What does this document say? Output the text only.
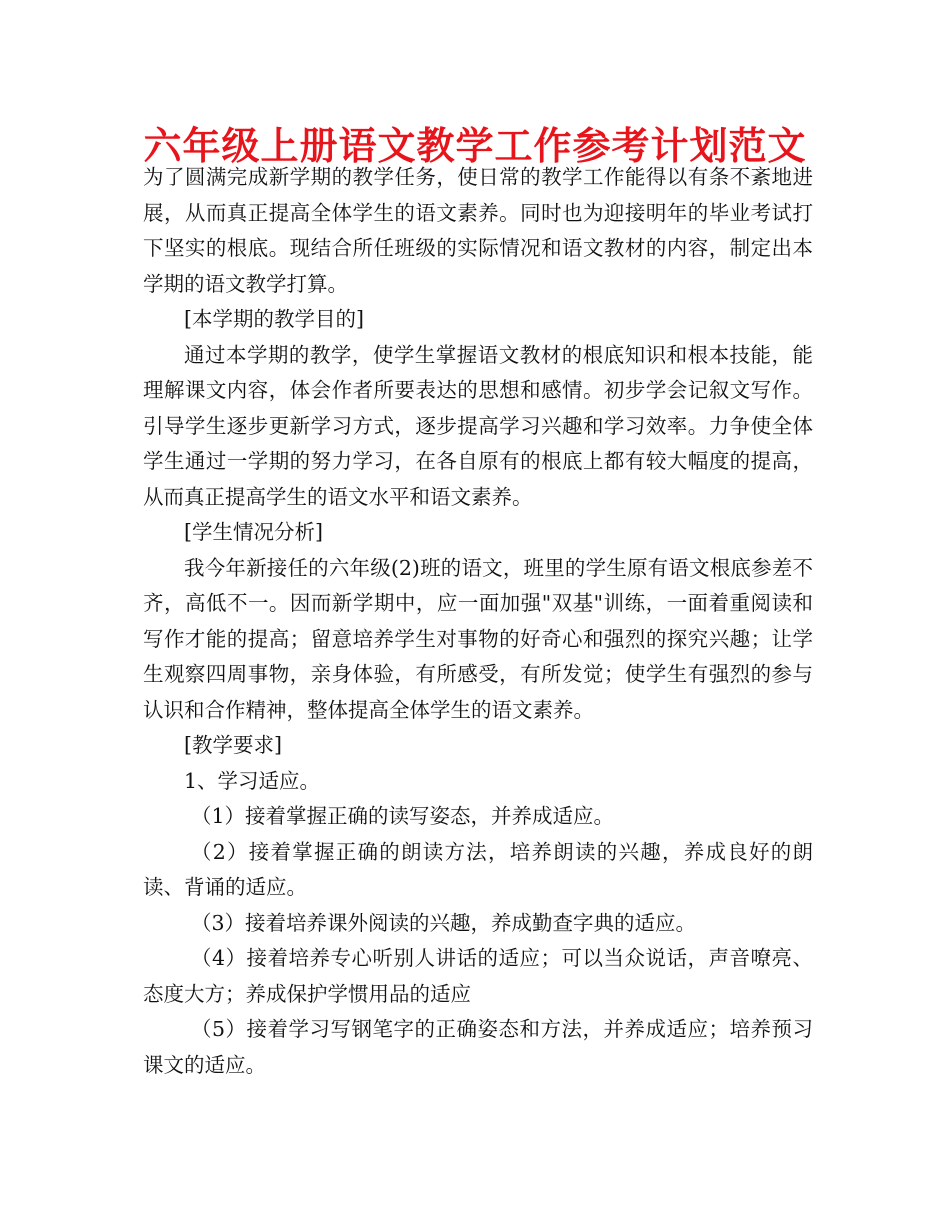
六年级上册语文教学工作参考计划范文

为了圆满完成新学期的教学任务，使日常的教学工作能得以有条不紊地进展，从而真正提高全体学生的语文素养。同时也为迎接明年的毕业考试打下坚实的根底。现结合所任班级的实际情况和语文教材的内容，制定出本学期的语文教学打算。

[本学期的教学目的]

通过本学期的教学，使学生掌握语文教材的根底知识和根本技能，能理解课文内容，体会作者所要表达的思想和感情。初步学会记叙文写作。引导学生逐步更新学习方式，逐步提高学习兴趣和学习效率。力争使全体学生通过一学期的努力学习，在各自原有的根底上都有较大幅度的提高，从而真正提高学生的语文水平和语文素养。

[学生情况分析]

我今年新接任的六年级(2)班的语文，班里的学生原有语文根底参差不齐，高低不一。因而新学期中，应一面加强"双基"训练，一面着重阅读和写作才能的提高；留意培养学生对事物的好奇心和强烈的探究兴趣；让学生观察四周事物，亲身体验，有所感受，有所发觉；使学生有强烈的参与认识和合作精神，整体提高全体学生的语文素养。

[教学要求]

1、学习适应。

（1）接着掌握正确的读写姿态，并养成适应。

（2）接着掌握正确的朗读方法，培养朗读的兴趣，养成良好的朗读、背诵的适应。

（3）接着培养课外阅读的兴趣，养成勤查字典的适应。

（4）接着培养专心听别人讲话的适应；可以当众说话，声音嘹亮、态度大方；养成保护学惯用品的适应

（5）接着学习写钢笔字的正确姿态和方法，并养成适应；培养预习课文的适应。
